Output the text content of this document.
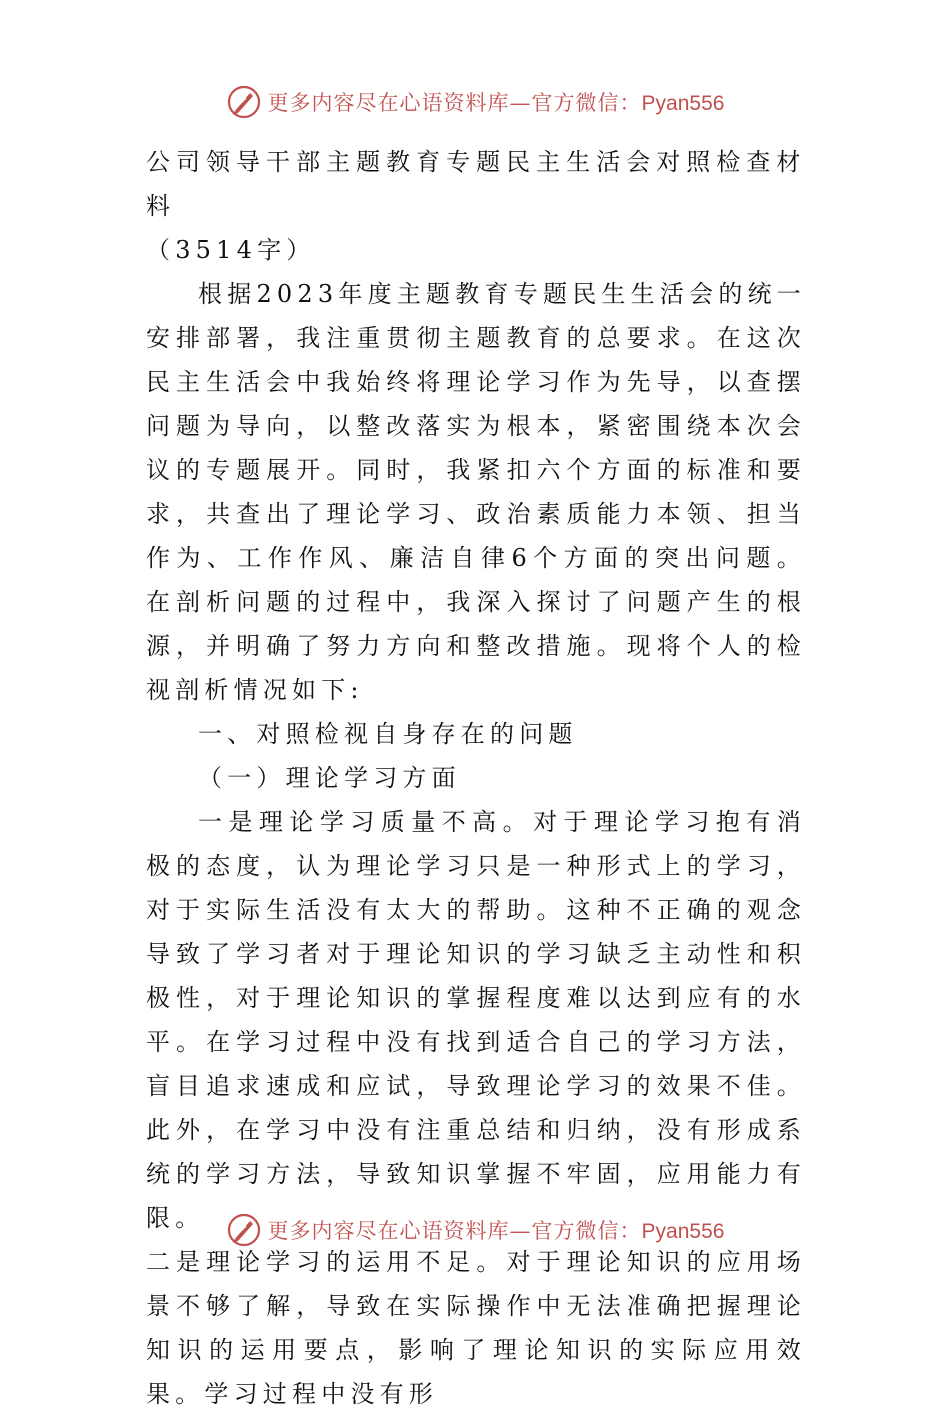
更多内容尽在心语资料库—官方微信：Pyan556

公司领导干部主题教育专题民主生活会对照检查材料

（3514字）

根据2023年度主题教育专题民生生活会的统一安排部署，我注重贯彻主题教育的总要求。在这次民主生活会中我始终将理论学习作为先导，以查摆问题为导向，以整改落实为根本，紧密围绕本次会议的专题展开。同时，我紧扣六个方面的标准和要求，共查出了理论学习、政治素质能力本领、担当作为、工作作风、廉洁自律6个方面的突出问题。在剖析问题的过程中，我深入探讨了问题产生的根源，并明确了努力方向和整改措施。现将个人的检视剖析情况如下:

一、对照检视自身存在的问题

（一）理论学习方面

一是理论学习质量不高。对于理论学习抱有消极的态度，认为理论学习只是一种形式上的学习，对于实际生活没有太大的帮助。这种不正确的观念导致了学习者对于理论知识的学习缺乏主动性和积极性，对于理论知识的掌握程度难以达到应有的水平。在学习过程中没有找到适合自己的学习方法，盲目追求速成和应试，导致理论学习的效果不佳。此外，在学习中没有注重总结和归纳，没有形成系统的学习方法，导致知识掌握不牢固，应用能力有限。

二是理论学习的运用不足。对于理论知识的应用场景不够了解，导致在实际操作中无法准确把握理论知识的运用要点，影响了理论知识的实际应用效果。学习过程中没有形

更多内容尽在心语资料库—官方微信：Pyan556
